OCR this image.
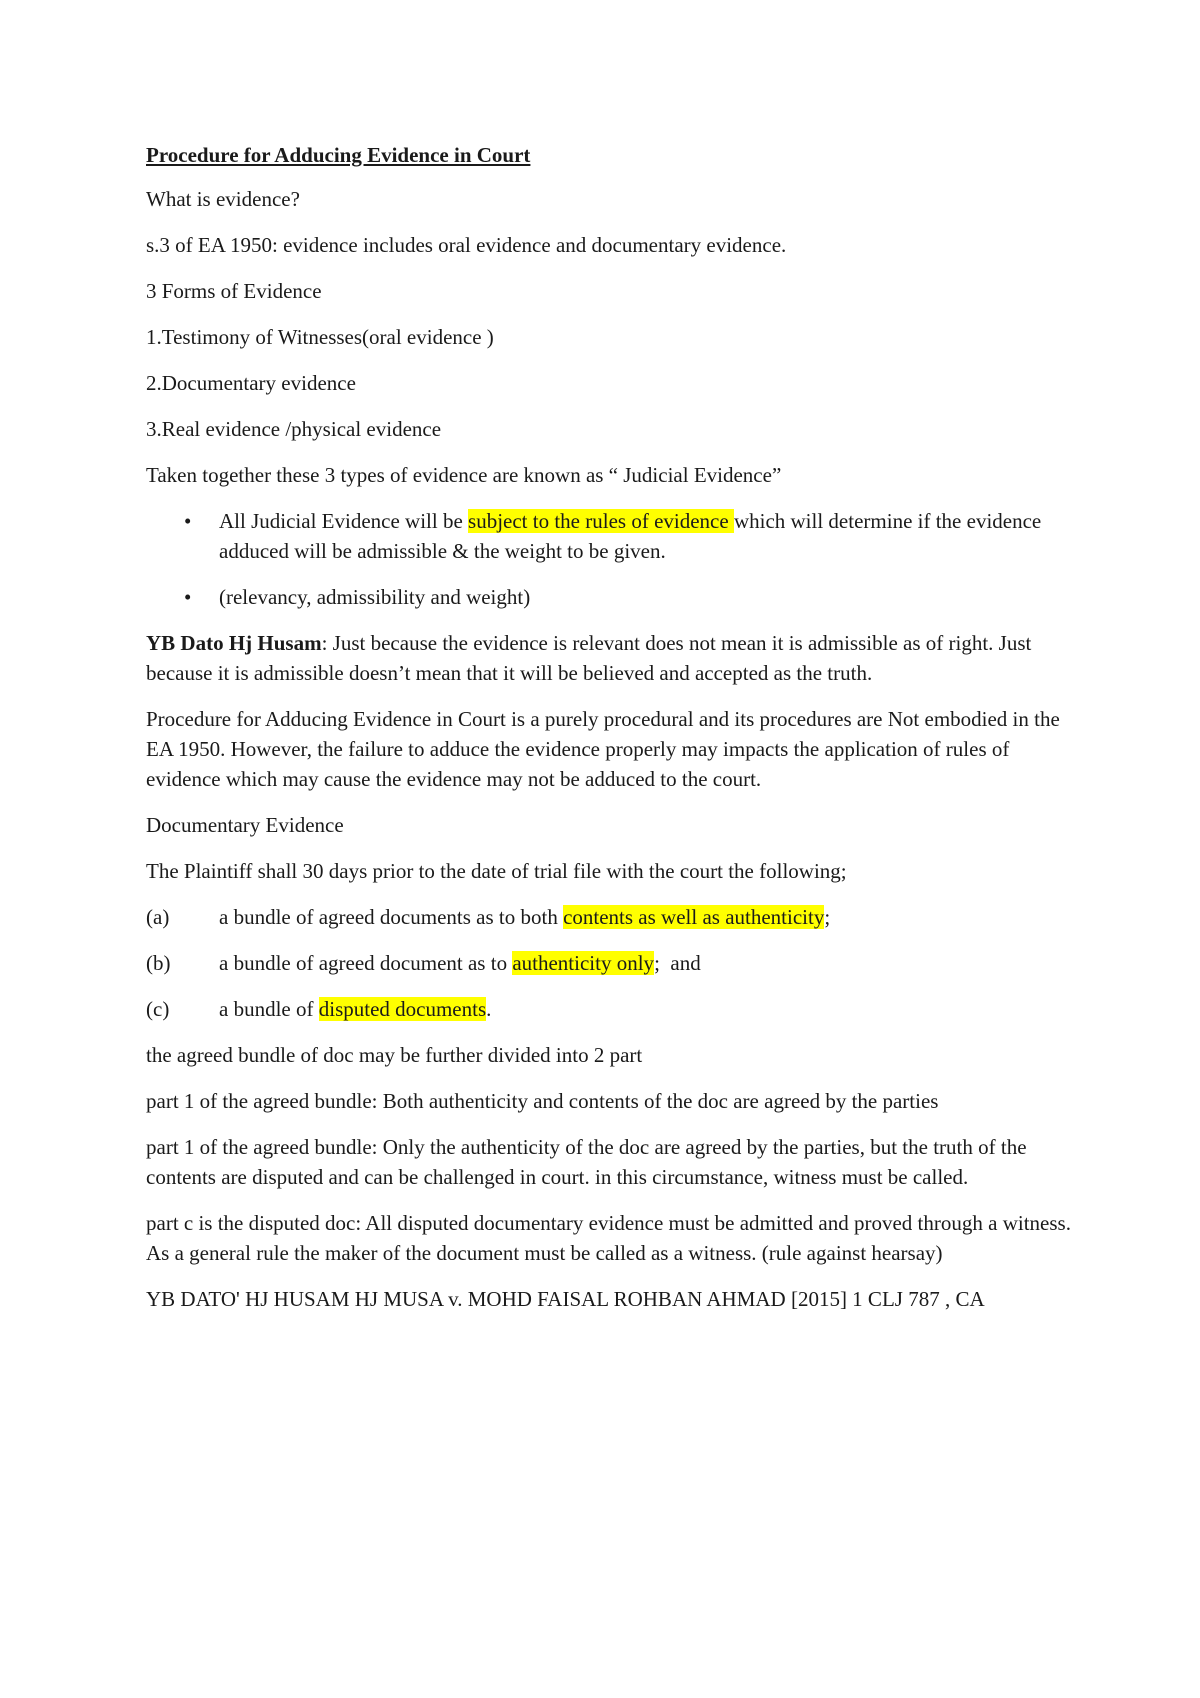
Procedure for Adducing Evidence in Court

What is evidence?

s.3 of EA 1950: evidence includes oral evidence and documentary evidence.

3 Forms of Evidence

1.Testimony of Witnesses(oral evidence )

2.Documentary evidence

3.Real evidence /physical evidence

Taken together these 3 types of evidence are known as “ Judicial Evidence”

• All Judicial Evidence will be subject to the rules of evidence which will determine if the evidence adduced will be admissible & the weight to be given.
• (relevancy, admissibility and weight)

YB Dato Hj Husam: Just because the evidence is relevant does not mean it is admissible as of right. Just because it is admissible doesn’t mean that it will be believed and accepted as the truth.

Procedure for Adducing Evidence in Court is a purely procedural and its procedures are Not embodied in the EA 1950. However, the failure to adduce the evidence properly may impacts the application of rules of evidence which may cause the evidence may not be adduced to the court.

Documentary Evidence

The Plaintiff shall 30 days prior to the date of trial file with the court the following;

(a) a bundle of agreed documents as to both contents as well as authenticity;
(b) a bundle of agreed document as to authenticity only;  and
(c) a bundle of disputed documents.

the agreed bundle of doc may be further divided into 2 part

part 1 of the agreed bundle: Both authenticity and contents of the doc are agreed by the parties

part 1 of the agreed bundle: Only the authenticity of the doc are agreed by the parties, but the truth of the contents are disputed and can be challenged in court. in this circumstance, witness must be called.

part c is the disputed doc: All disputed documentary evidence must be admitted and proved through a witness. As a general rule the maker of the document must be called as a witness. (rule against hearsay)

YB DATO' HJ HUSAM HJ MUSA v. MOHD FAISAL ROHBAN AHMAD [2015] 1 CLJ 787 , CA
